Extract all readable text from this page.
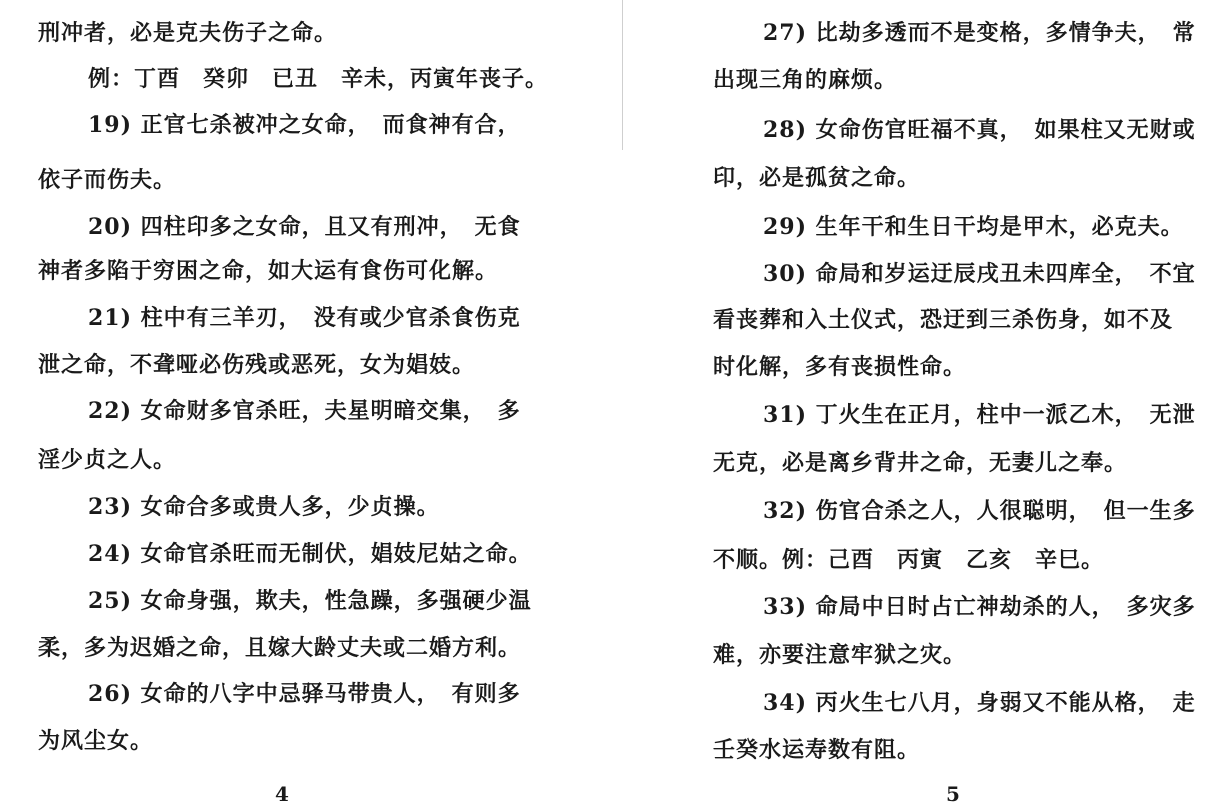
刑冲者，必是克夫伤子之命。
例：丁酉　癸卯　已丑　辛未，丙寅年丧子。
19) 正官七杀被冲之女命，　而食神有合，
依子而伤夫。
20) 四柱印多之女命，且又有刑冲，　无食
神者多陷于穷困之命，如大运有食伤可化解。
21) 柱中有三羊刃，　没有或少官杀食伤克
泄之命，不聋哑必伤残或恶死，女为娼妓。
22) 女命财多官杀旺，夫星明暗交集，　多
淫少贞之人。
23) 女命合多或贵人多，少贞操。
24) 女命官杀旺而无制伏，娼妓尼姑之命。
25) 女命身强，欺夫，性急躁，多强硬少温
柔，多为迟婚之命，且嫁大龄丈夫或二婚方利。
26) 女命的八字中忌驿马带贵人，　有则多
为风尘女。
4
27) 比劫多透而不是变格，多情争夫，　常
出现三角的麻烦。
28) 女命伤官旺福不真，　如果柱又无财或
印，必是孤贫之命。
29) 生年干和生日干均是甲木，必克夫。
30) 命局和岁运迂辰戌丑未四库全，　不宜
看丧葬和入土仪式，恐迂到三杀伤身，如不及
时化解，多有丧损性命。
31) 丁火生在正月，柱中一派乙木，　无泄
无克，必是离乡背井之命，无妻儿之奉。
32) 伤官合杀之人，人很聪明，　但一生多
不顺。例：己酉　丙寅　乙亥　辛巳。
33) 命局中日时占亡神劫杀的人，　多灾多
难，亦要注意牢狱之灾。
34) 丙火生七八月，身弱又不能从格，　走
壬癸水运寿数有阻。
5
